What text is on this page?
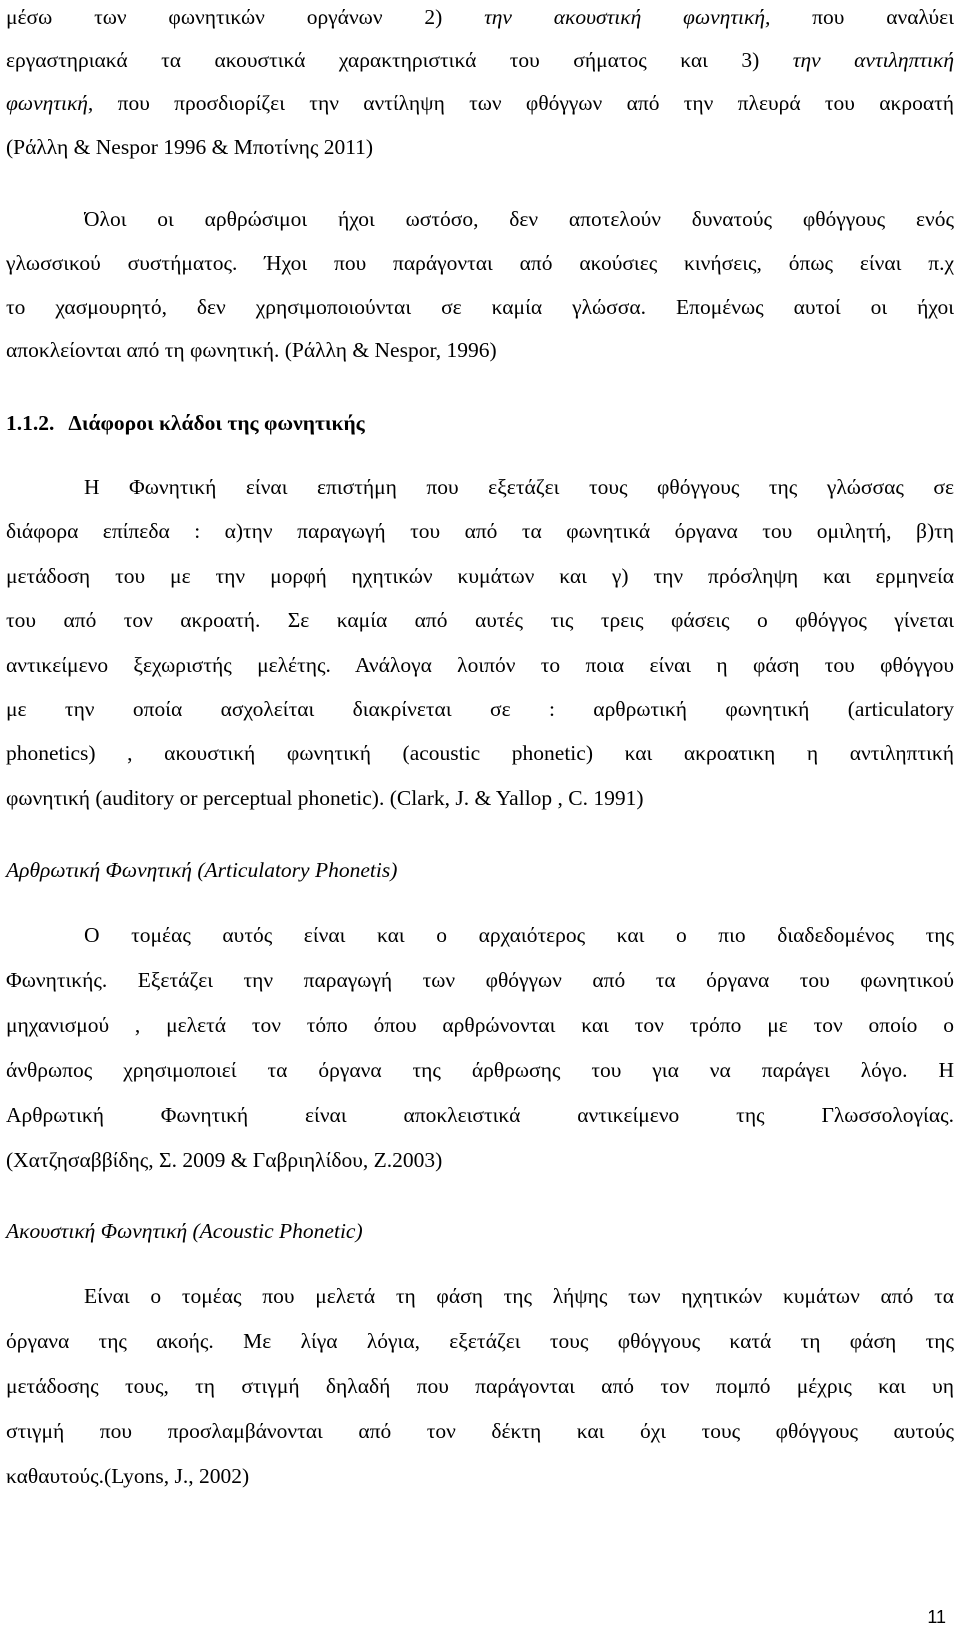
μέσω των φωνητικών οργάνων 2) την ακουστική φωνητική, που αναλύει
εργαστηριακά τα ακουστικά χαρακτηριστικά του σήματος και 3) την αντιληπτική
φωνητική, που προσδιορίζει την αντίληψη των φθόγγων από την πλευρά του ακροατή
(Ράλλη & Nespor 1996 & Μποτίνης 2011)
Όλοι οι αρθρώσιμοι ήχοι ωστόσο, δεν αποτελούν δυνατούς φθόγγους ενός
γλωσσικού συστήματος. Ήχοι που παράγονται από ακούσιες κινήσεις, όπως είναι π.χ
το χασμουρητό, δεν χρησιμοποιούνται σε καμία γλώσσα. Επομένως αυτοί οι ήχοι
αποκλείονται από τη φωνητική. (Ράλλη & Nespor, 1996)
1.1.2. Διάφοροι κλάδοι της φωνητικής
Η Φωνητική είναι επιστήμη που εξετάζει τους φθόγγους της γλώσσας σε
διάφορα επίπεδα : α)την παραγωγή του από τα φωνητικά όργανα του ομιλητή, β)τη
μετάδοση του με την μορφή ηχητικών κυμάτων και γ) την πρόσληψη και ερμηνεία
του από τον ακροατή. Σε καμία από αυτές τις τρεις φάσεις ο φθόγγος γίνεται
αντικείμενο ξεχωριστής μελέτης. Ανάλογα λοιπόν το ποια είναι η φάση του φθόγγου
με την οποία ασχολείται διακρίνεται σε : αρθρωτική φωνητική (articulatory
phonetics) , ακουστική φωνητική (acoustic phonetic) και ακροατικη η αντιληπτική
φωνητική (auditory or perceptual phonetic). (Clark, J. & Yallop , C. 1991)
Αρθρωτική Φωνητική (Articulatory Phonetis)
Ο τομέας αυτός είναι και ο αρχαιότερος και ο πιο διαδεδομένος της
Φωνητικής. Εξετάζει την παραγωγή των φθόγγων από τα όργανα του φωνητικού
μηχανισμού , μελετά τον τόπο όπου αρθρώνονται και τον τρόπο με τον οποίο ο
άνθρωπος χρησιμοποιεί τα όργανα της άρθρωσης του για να παράγει λόγο. Η
Αρθρωτική Φωνητική είναι αποκλειστικά αντικείμενο της Γλωσσολογίας.
(Χατζησαββίδης, Σ. 2009 & Γαβριηλίδου, Ζ.2003)
Ακουστική Φωνητική (Acoustic Phonetic)
Είναι ο τομέας που μελετά τη φάση της λήψης των ηχητικών κυμάτων από τα
όργανα της ακοής. Με λίγα λόγια, εξετάζει τους φθόγγους κατά τη φάση της
μετάδοσης τους, τη στιγμή δηλαδή που παράγονται από τον πομπό μέχρις και υη
στιγμή που προσλαμβάνονται από τον δέκτη και όχι τους φθόγγους αυτούς
καθαυτούς.(Lyons, J., 2002)
11
